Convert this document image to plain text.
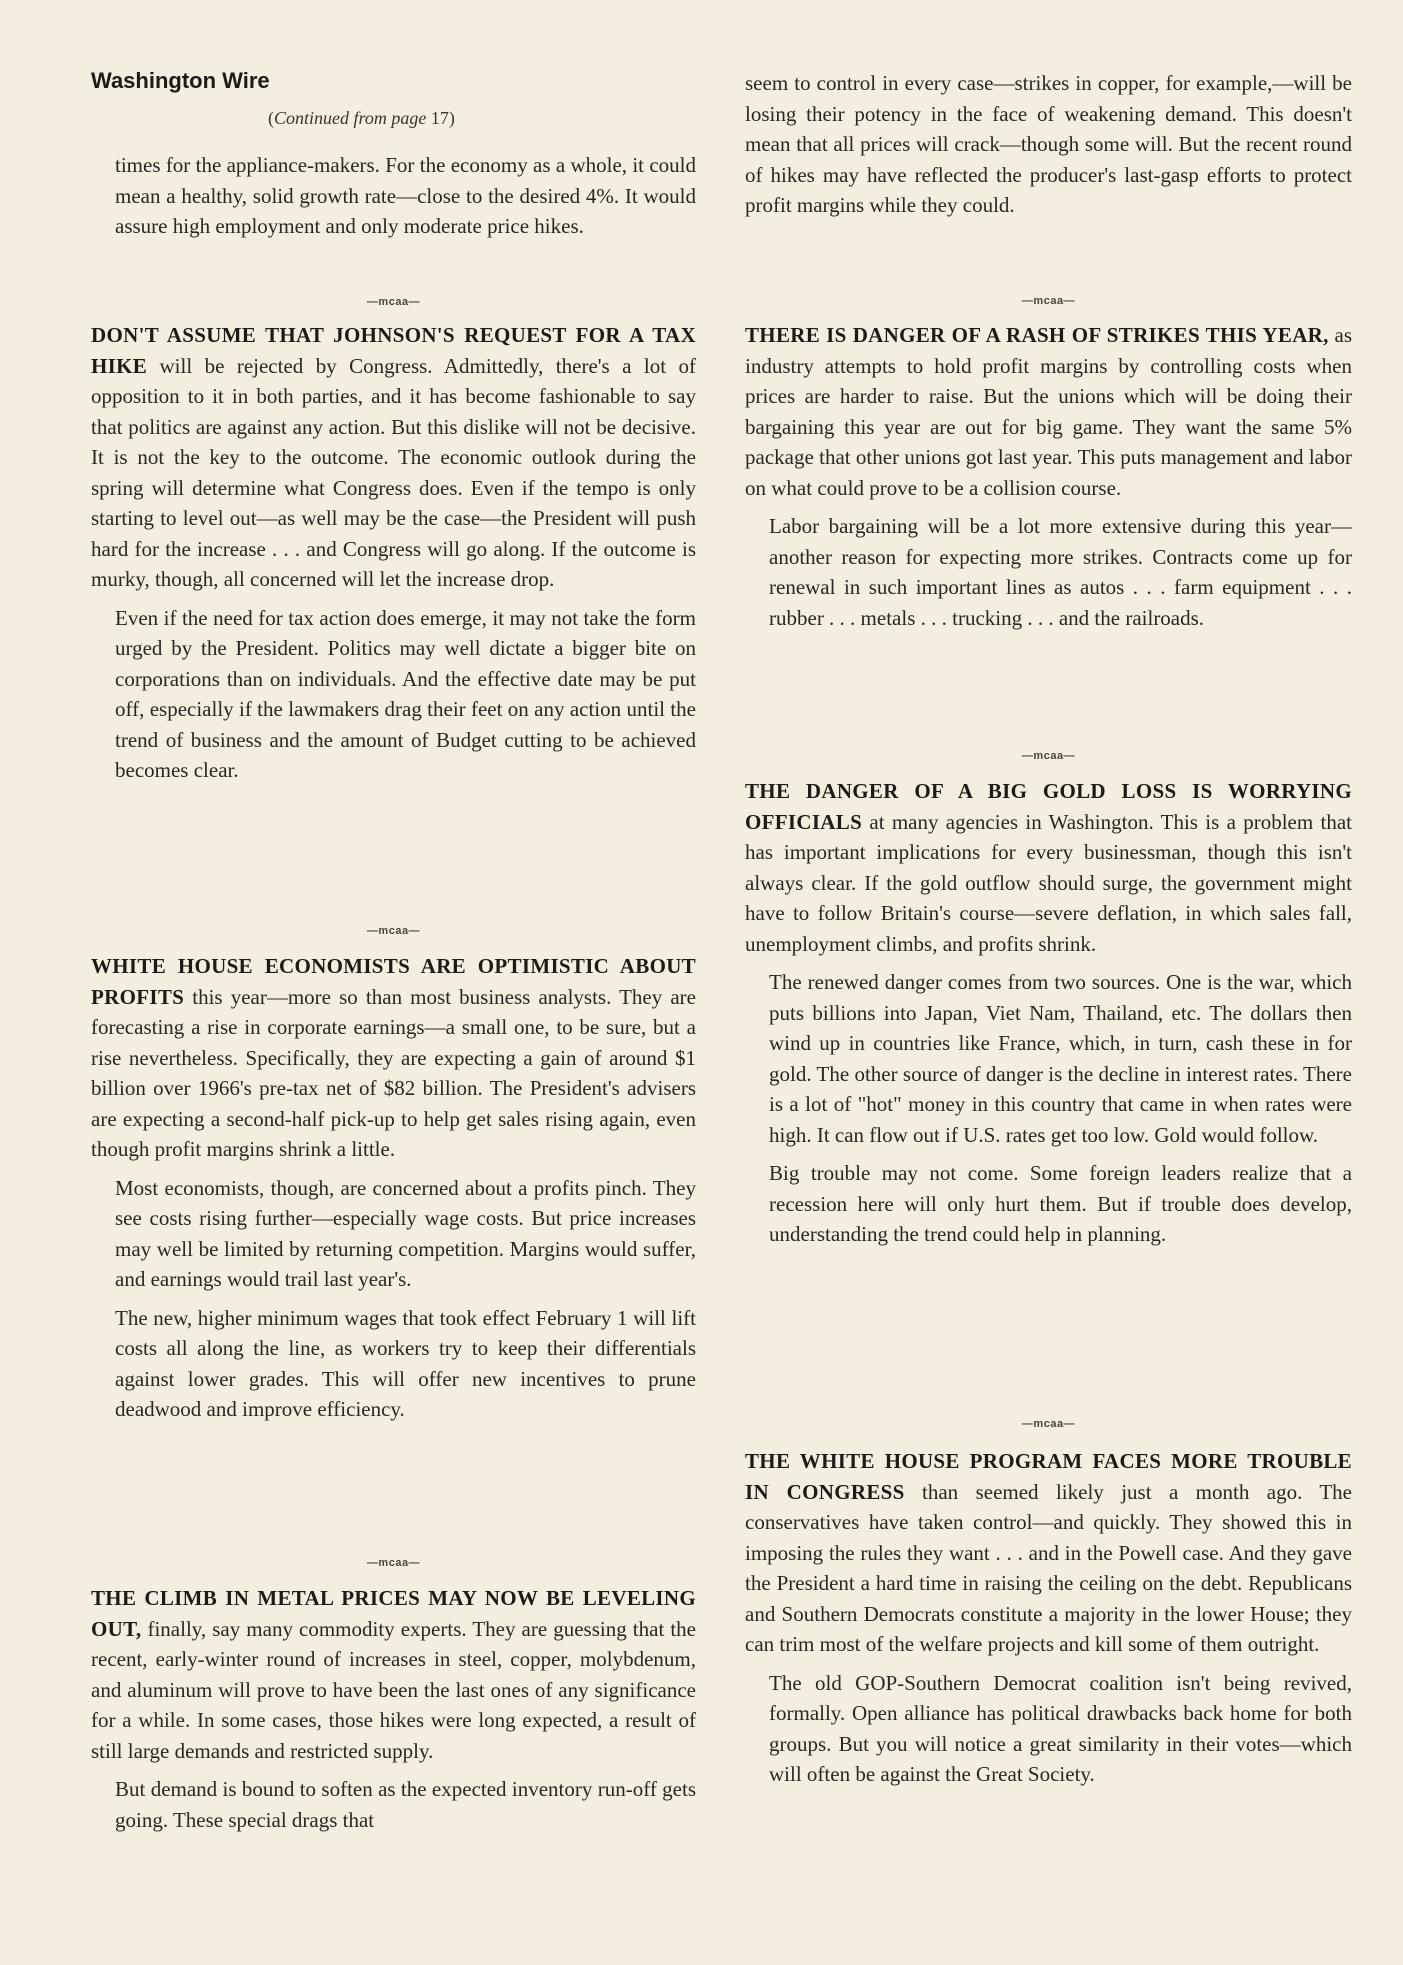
Washington Wire
(Continued from page 17)

times for the appliance-makers. For the economy as a whole, it could mean a healthy, solid growth rate—close to the desired 4%. It would assure high employment and only moderate price hikes.

—mcaa—

DON'T ASSUME THAT JOHNSON'S REQUEST FOR A TAX HIKE will be rejected by Congress. Admittedly, there's a lot of opposition to it in both parties, and it has become fashionable to say that politics are against any action. But this dislike will not be decisive. It is not the key to the outcome. The economic outlook during the spring will determine what Congress does. Even if the tempo is only starting to level out—as well may be the case—the President will push hard for the increase . . . and Congress will go along. If the outcome is murky, though, all concerned will let the increase drop.

Even if the need for tax action does emerge, it may not take the form urged by the President. Politics may well dictate a bigger bite on corporations than on individuals. And the effective date may be put off, especially if the lawmakers drag their feet on any action until the trend of business and the amount of Budget cutting to be achieved becomes clear.

—mcaa—

WHITE HOUSE ECONOMISTS ARE OPTIMISTIC ABOUT PROFITS this year—more so than most business analysts. They are forecasting a rise in corporate earnings—a small one, to be sure, but a rise nevertheless. Specifically, they are expecting a gain of around $1 billion over 1966's pre-tax net of $82 billion. The President's advisers are expecting a second-half pick-up to help get sales rising again, even though profit margins shrink a little.

Most economists, though, are concerned about a profits pinch. They see costs rising further—especially wage costs. But price increases may well be limited by returning competition. Margins would suffer, and earnings would trail last year's.

The new, higher minimum wages that took effect February 1 will lift costs all along the line, as workers try to keep their differentials against lower grades. This will offer new incentives to prune deadwood and improve efficiency.

—mcaa—

THE CLIMB IN METAL PRICES MAY NOW BE LEVELING OUT, finally, say many commodity experts. They are guessing that the recent, early-winter round of increases in steel, copper, molybdenum, and aluminum will prove to have been the last ones of any significance for a while. In some cases, those hikes were long expected, a result of still large demands and restricted supply.

But demand is bound to soften as the expected inventory run-off gets going. These special drags that

seem to control in every case—strikes in copper, for example,—will be losing their potency in the face of weakening demand. This doesn't mean that all prices will crack—though some will. But the recent round of hikes may have reflected the producer's last-gasp efforts to protect profit margins while they could.

—mcaa—

THERE IS DANGER OF A RASH OF STRIKES THIS YEAR, as industry attempts to hold profit margins by controlling costs when prices are harder to raise. But the unions which will be doing their bargaining this year are out for big game. They want the same 5% package that other unions got last year. This puts management and labor on what could prove to be a collision course.

Labor bargaining will be a lot more extensive during this year—another reason for expecting more strikes. Contracts come up for renewal in such important lines as autos . . . farm equipment . . . rubber . . . metals . . . trucking . . . and the railroads.

—mcaa—

THE DANGER OF A BIG GOLD LOSS IS WORRYING OFFICIALS at many agencies in Washington. This is a problem that has important implications for every businessman, though this isn't always clear. If the gold outflow should surge, the government might have to follow Britain's course—severe deflation, in which sales fall, unemployment climbs, and profits shrink.

The renewed danger comes from two sources. One is the war, which puts billions into Japan, Viet Nam, Thailand, etc. The dollars then wind up in countries like France, which, in turn, cash these in for gold. The other source of danger is the decline in interest rates. There is a lot of "hot" money in this country that came in when rates were high. It can flow out if U.S. rates get too low. Gold would follow.

Big trouble may not come. Some foreign leaders realize that a recession here will only hurt them. But if trouble does develop, understanding the trend could help in planning.

—mcaa—

THE WHITE HOUSE PROGRAM FACES MORE TROUBLE IN CONGRESS than seemed likely just a month ago. The conservatives have taken control—and quickly. They showed this in imposing the rules they want . . . and in the Powell case. And they gave the President a hard time in raising the ceiling on the debt. Republicans and Southern Democrats constitute a majority in the lower House; they can trim most of the welfare projects and kill some of them outright.

The old GOP-Southern Democrat coalition isn't being revived, formally. Open alliance has political drawbacks back home for both groups. But you will notice a great similarity in their votes—which will often be against the Great Society.
